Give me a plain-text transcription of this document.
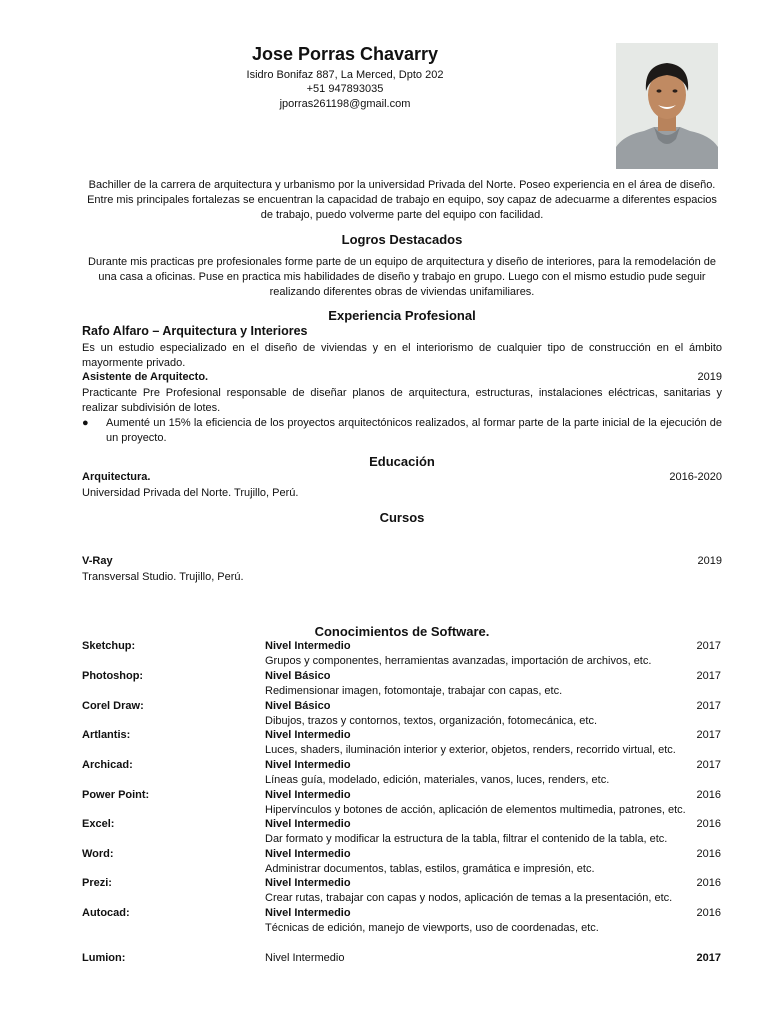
Jose Porras Chavarry
Isidro Bonifaz 887, La Merced, Dpto 202
+51 947893035
jporras261198@gmail.com
Bachiller de la carrera de arquitectura y urbanismo por la universidad Privada del Norte. Poseo experiencia en el área de diseño. Entre mis principales fortalezas se encuentran la capacidad de trabajo en equipo, soy capaz de adecuarme a diferentes espacios de trabajo, puedo volverme parte del equipo con facilidad.
Logros Destacados
Durante mis practicas pre profesionales forme parte de un equipo de arquitectura y diseño de interiores, para la remodelación de una casa a oficinas. Puse en practica mis habilidades de diseño y trabajo en grupo. Luego con el mismo estudio pude seguir realizando diferentes obras de viviendas unifamiliares.
Experiencia Profesional
Rafo Alfaro – Arquitectura y Interiores
Es un estudio especializado en el diseño de viviendas y en el interiorismo de cualquier tipo de construcción en el ámbito mayormente privado.
Asistente de Arquitecto.	2019
Practicante Pre Profesional responsable de diseñar planos de arquitectura, estructuras, instalaciones eléctricas, sanitarias y realizar subdivisión de lotes.
●	Aumenté un 15% la eficiencia de los proyectos arquitectónicos realizados, al formar parte de la parte inicial de la ejecución de un proyecto.
Educación
Arquitectura.	2016-2020
Universidad Privada del Norte. Trujillo, Perú.
Cursos
V-Ray	2019
Transversal Studio. Trujillo, Perú.
Conocimientos de Software.
Sketchup:	Nivel Intermedio	2017
Grupos y componentes, herramientas avanzadas, importación de archivos, etc.
Photoshop:	Nivel Básico	2017
Redimensionar imagen, fotomontaje, trabajar con capas, etc.
Corel Draw:	Nivel Básico	2017
Dibujos, trazos y contornos, textos, organización, fotomecánica, etc.
Artlantis:	Nivel Intermedio	2017
Luces, shaders, iluminación interior y exterior, objetos, renders, recorrido virtual, etc.
Archicad:	Nivel Intermedio	2017
Líneas guía, modelado, edición, materiales, vanos, luces, renders, etc.
Power Point:	Nivel Intermedio	2016
Hipervínculos y botones de acción, aplicación de elementos multimedia, patrones, etc.
Excel:	Nivel Intermedio	2016
Dar formato y modificar la estructura de la tabla, filtrar el contenido de la tabla, etc.
Word:	Nivel Intermedio	2016
Administrar documentos, tablas, estilos, gramática e impresión, etc.
Prezi:	Nivel Intermedio	2016
Crear rutas, trabajar con capas y nodos, aplicación de temas a la presentación, etc.
Autocad:	Nivel Intermedio	2016
Técnicas de edición, manejo de viewports, uso de coordenadas, etc.
Lumion:	Nivel Intermedio	2017
